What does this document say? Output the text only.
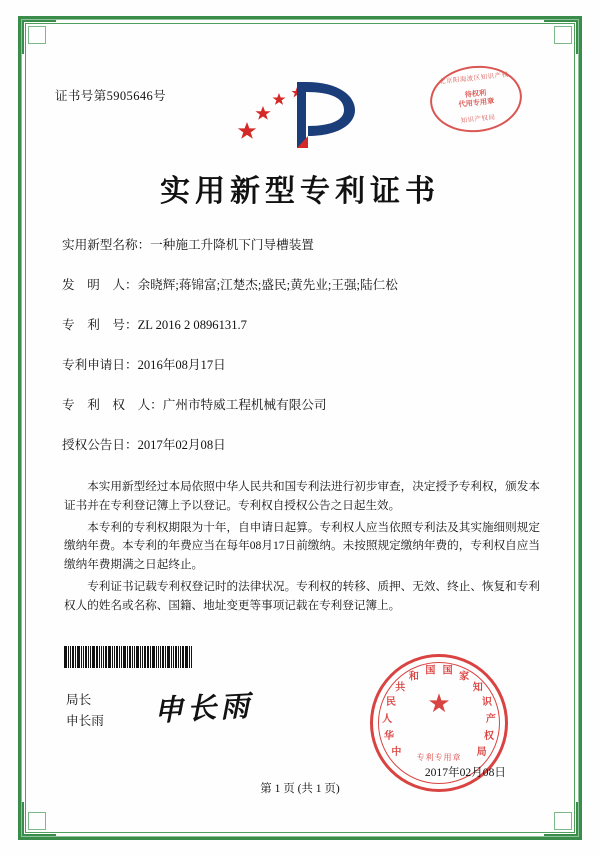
证书号第5905646号
北京阳海波区知识产权
待权利
代用专用章
知识产权局
实用新型专利证书
实用新型名称： 一种施工升降机下门导槽装置
发　明　人： 余晓辉;蒋锦富;江楚杰;盛民;黄先业;王强;陆仁松
专　利　号： ZL 2016 2 0896131.7
专利申请日： 2016年08月17日
专　利　权　人： 广州市特威工程机械有限公司
授权公告日： 2017年02月08日

本实用新型经过本局依照中华人民共和国专利法进行初步审查，决定授予专利权，颁发本证书并在专利登记簿上予以登记。专利权自授权公告之日起生效。

本专利的专利权期限为十年，自申请日起算。专利权人应当依照专利法及其实施细则规定缴纳年费。本专利的年费应当在每年08月17日前缴纳。未按照规定缴纳年费的，专利权自应当缴纳年费期满之日起终止。

专利证书记载专利权登记时的法律状况。专利权的转移、质押、无效、终止、恢复和专利权人的姓名或名称、国籍、地址变更等事项记载在专利登记簿上。

局长
申长雨 申长雨	★
中
华
人
民
共
和
国 国
家
知
识
产
权
局
专利专用章
2017年02月08日
第 1 页 (共 1 页)
